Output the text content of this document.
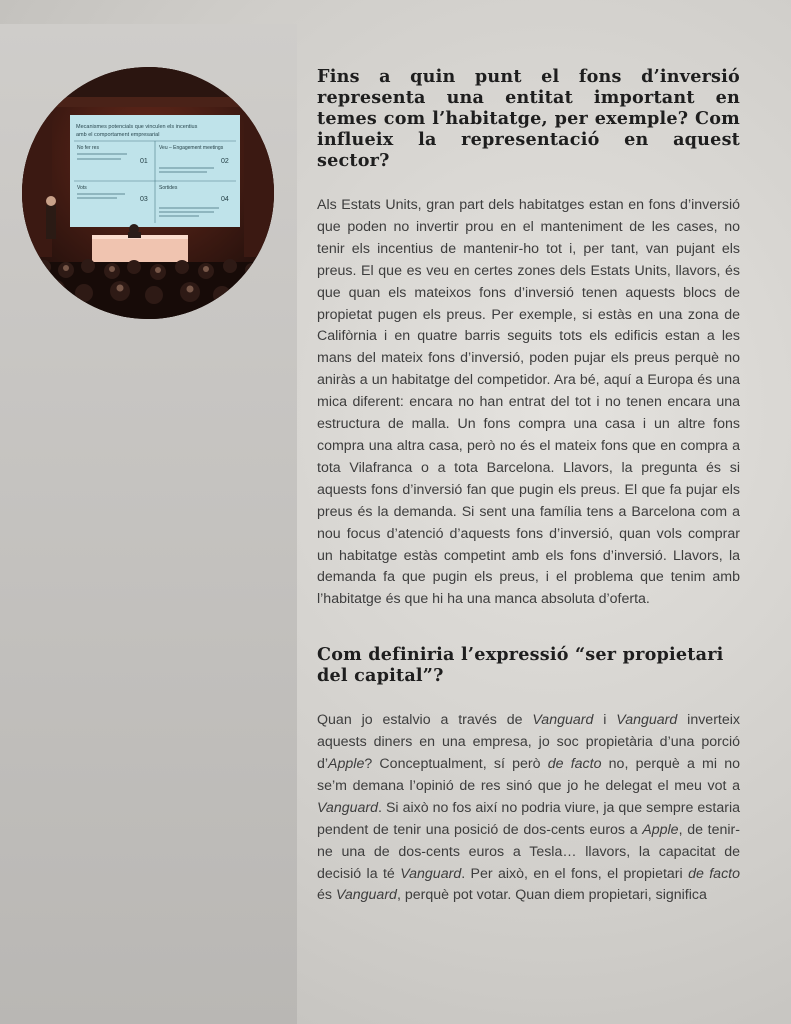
Mecanismes potencials que vinculen els incentius
amb el comportament empresarial
No fer res
01
Veu – Engagement meetings
02
Vots
03
Sortides
04
Fins a quin punt el fons d’inversió representa una entitat important en temes com l’habitatge, per exemple? Com influeix la representació en aquest sector?

Als Estats Units, gran part dels habitatges estan en fons d’inversió que poden no invertir prou en el manteniment de les cases, no tenir els incentius de mantenir-ho tot i, per tant, van pujant els preus. El que es veu en certes zones dels Estats Units, llavors, és que quan els mateixos fons d’inversió tenen aquests blocs de propietat pugen els preus. Per exemple, si estàs en una zona de Califòrnia i en quatre barris seguits tots els edificis estan a les mans del mateix fons d’inversió, poden pujar els preus perquè no aniràs a un habitatge del competidor. Ara bé, aquí a Europa és una mica diferent: encara no han entrat del tot i no tenen encara una estructura de malla. Un fons compra una casa i un altre fons compra una altra casa, però no és el mateix fons que en compra a tota Vilafranca o a tota Barcelona. Llavors, la pregunta és si aquests fons d’inversió fan que pugin els preus. El que fa pujar els preus és la demanda. Si sent una família tens a Barcelona com a nou focus d’atenció d’aquests fons d’inversió, quan vols comprar un habitatge estàs competint amb els fons d’inversió. Llavors, la demanda fa que pugin els preus, i el problema que tenim amb l’habitatge és que hi ha una manca absoluta d’oferta.

Com definiria l’expressió “ser propietari del capital”?

Quan jo estalvio a través de Vanguard i Vanguard inverteix aquests diners en una empresa, jo soc propietària d’una porció d’Apple? Conceptualment, sí però de facto no, perquè a mi no se’m demana l’opinió de res sinó que jo he delegat el meu vot a Vanguard. Si això no fos així no podria viure, ja que sempre estaria pendent de tenir una posició de dos-cents euros a Apple, de tenir-ne una de dos-cents euros a Tesla… llavors, la capacitat de decisió la té Vanguard. Per això, en el fons, el propietari de facto és Vanguard, perquè pot votar. Quan diem propietari, significa
